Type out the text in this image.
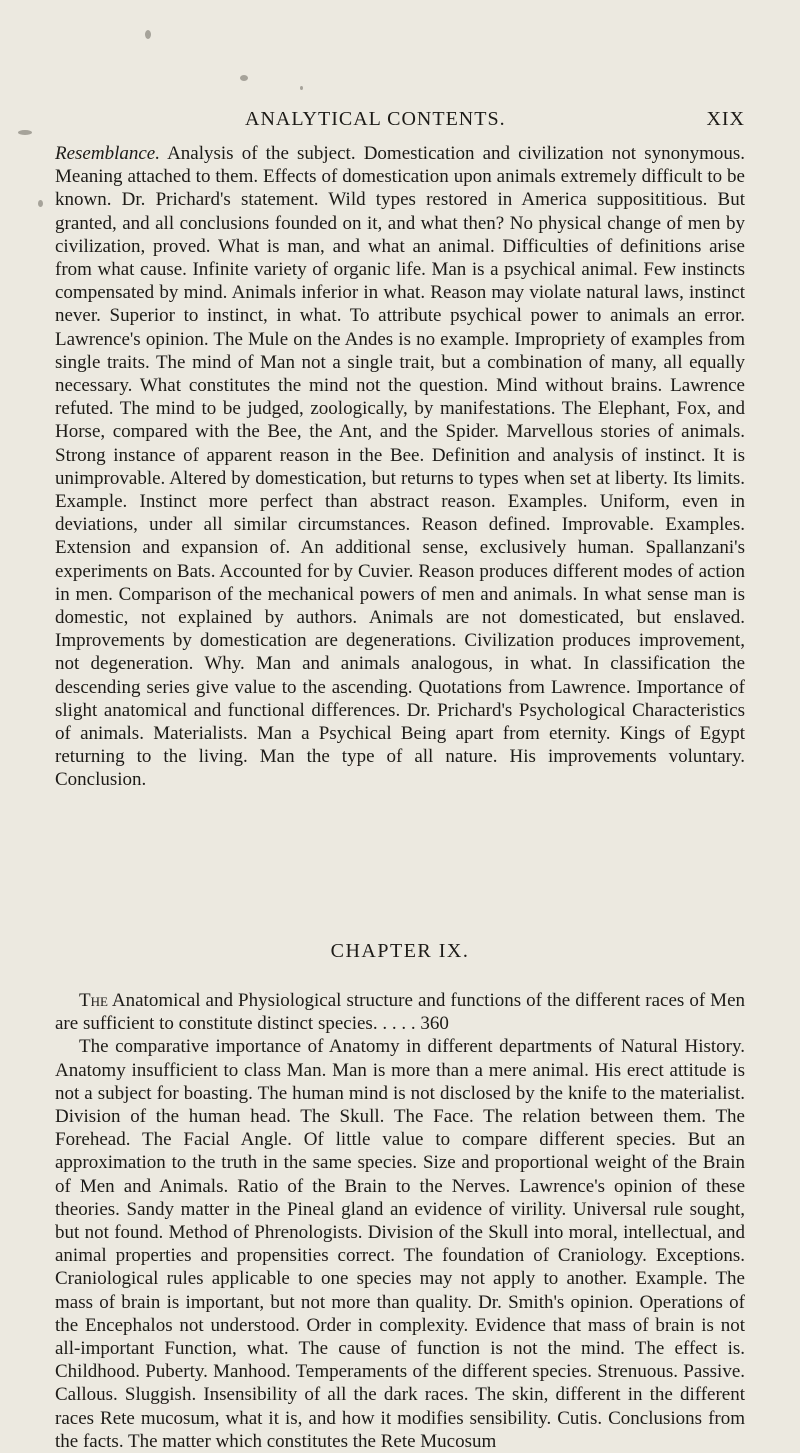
ANALYTICAL CONTENTS.	XIX
Resemblance. Analysis of the subject. Domestication and civilization not synonymous. Meaning attached to them. Effects of domestication upon animals extremely difficult to be known. Dr. Prichard's statement. Wild types restored in America supposititious. But granted, and all conclusions founded on it, and what then? No physical change of men by civilization, proved. What is man, and what an animal. Difficulties of definitions arise from what cause. Infinite variety of organic life. Man is a psychical animal. Few instincts compensated by mind. Animals inferior in what. Reason may violate natural laws, instinct never. Superior to instinct, in what. To attribute psychical power to animals an error. Lawrence's opinion. The Mule on the Andes is no example. Impropriety of examples from single traits. The mind of Man not a single trait, but a combination of many, all equally necessary. What constitutes the mind not the question. Mind without brains. Lawrence refuted. The mind to be judged, zoologically, by manifestations. The Elephant, Fox, and Horse, compared with the Bee, the Ant, and the Spider. Marvellous stories of animals. Strong instance of apparent reason in the Bee. Definition and analysis of instinct. It is unimprovable. Altered by domestication, but returns to types when set at liberty. Its limits. Example. Instinct more perfect than abstract reason. Examples. Uniform, even in deviations, under all similar circumstances. Reason defined. Improvable. Examples. Extension and expansion of. An additional sense, exclusively human. Spallanzani's experiments on Bats. Accounted for by Cuvier. Reason produces different modes of action in men. Comparison of the mechanical powers of men and animals. In what sense man is domestic, not explained by authors. Animals are not domesticated, but enslaved. Improvements by domestication are degenerations. Civilization produces improvement, not degeneration. Why. Man and animals analogous, in what. In classification the descending series give value to the ascending. Quotations from Lawrence. Importance of slight anatomical and functional differences. Dr. Prichard's Psychological Characteristics of animals. Materialists. Man a Psychical Being apart from eternity. Kings of Egypt returning to the living. Man the type of all nature. His improvements voluntary. Conclusion.
CHAPTER IX.
The Anatomical and Physiological structure and functions of the different races of Men are sufficient to constitute distinct species. . . . . 360
The comparative importance of Anatomy in different departments of Natural History. Anatomy insufficient to class Man. Man is more than a mere animal. His erect attitude is not a subject for boasting. The human mind is not disclosed by the knife to the materialist. Division of the human head. The Skull. The Face. The relation between them. The Forehead. The Facial Angle. Of little value to compare different species. But an approximation to the truth in the same species. Size and proportional weight of the Brain of Men and Animals. Ratio of the Brain to the Nerves. Lawrence's opinion of these theories. Sandy matter in the Pineal gland an evidence of virility. Universal rule sought, but not found. Method of Phrenologists. Division of the Skull into moral, intellectual, and animal properties and propensities correct. The foundation of Craniology. Exceptions. Craniological rules applicable to one species may not apply to another. Example. The mass of brain is important, but not more than quality. Dr. Smith's opinion. Operations of the Encephalos not understood. Order in complexity. Evidence that mass of brain is not all-important Function, what. The cause of function is not the mind. The effect is. Childhood. Puberty. Manhood. Temperaments of the different species. Strenuous. Passive. Callous. Sluggish. Insensibility of all the dark races. The skin, different in the different races Rete mucosum, what it is, and how it modifies sensibility. Cutis. Conclusions from the facts. The matter which constitutes the Rete Mucosum
